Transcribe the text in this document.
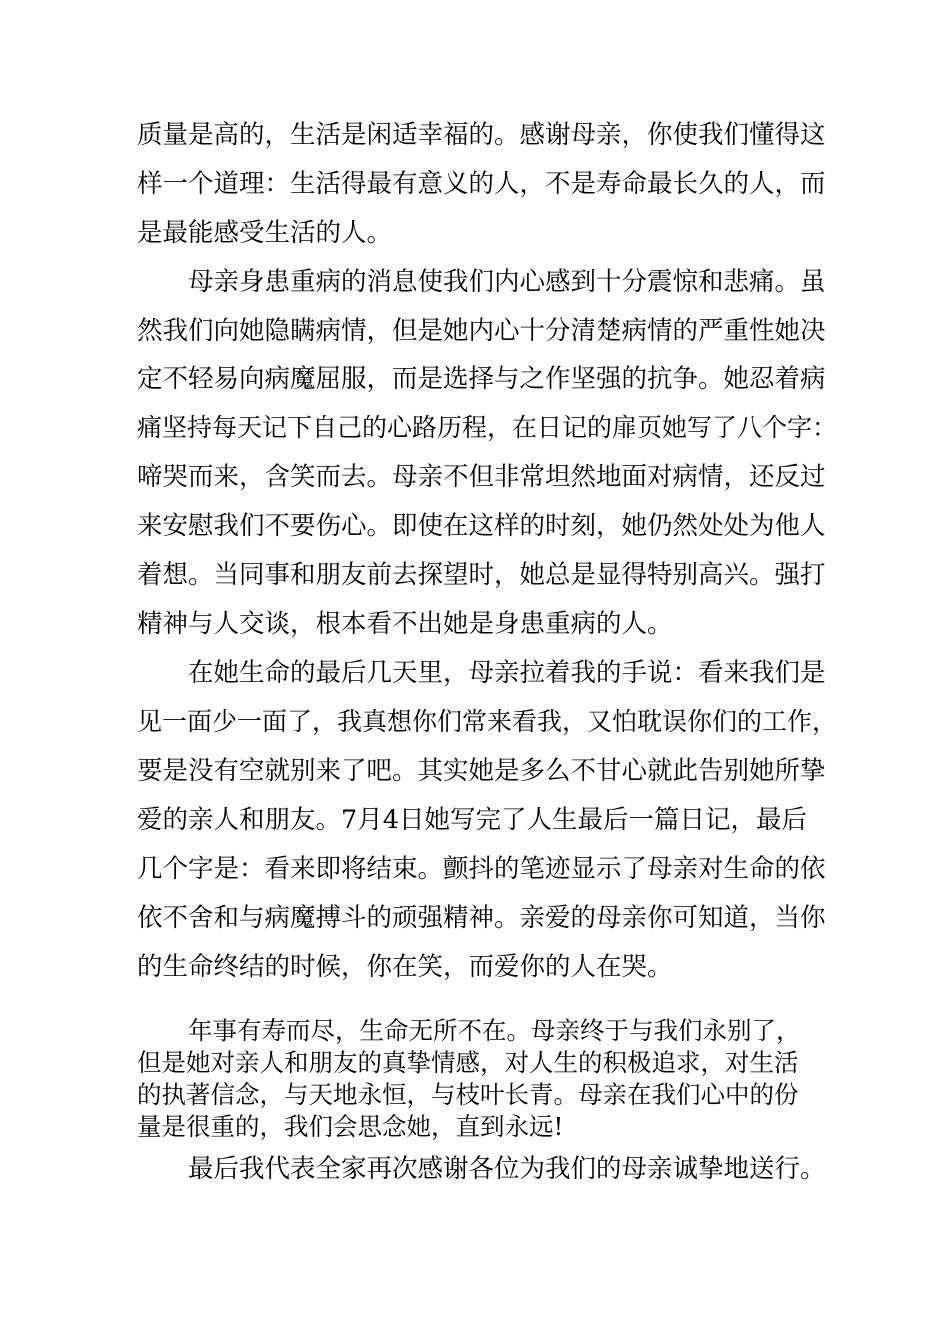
质量是高的，生活是闲适幸福的。感谢母亲，你使我们懂得这

样一个道理：生活得最有意义的人，不是寿命最长久的人，而

是最能感受生活的人。

母亲身患重病的消息使我们内心感到十分震惊和悲痛。虽

然我们向她隐瞒病情，但是她内心十分清楚病情的严重性她决

定不轻易向病魔屈服，而是选择与之作坚强的抗争。她忍着病

痛坚持每天记下自己的心路历程，在日记的扉页她写了八个字：

啼哭而来，含笑而去。母亲不但非常坦然地面对病情，还反过

来安慰我们不要伤心。即使在这样的时刻，她仍然处处为他人

着想。当同事和朋友前去探望时，她总是显得特别高兴。强打

精神与人交谈，根本看不出她是身患重病的人。

在她生命的最后几天里，母亲拉着我的手说：看来我们是

见一面少一面了，我真想你们常来看我，又怕耽误你们的工作，

要是没有空就别来了吧。其实她是多么不甘心就此告别她所挚

爱的亲人和朋友。7月4日她写完了人生最后一篇日记，最后

几个字是：看来即将结束。颤抖的笔迹显示了母亲对生命的依

依不舍和与病魔搏斗的顽强精神。亲爱的母亲你可知道，当你

的生命终结的时候，你在笑，而爱你的人在哭。

年事有寿而尽，生命无所不在。母亲终于与我们永别了，

但是她对亲人和朋友的真挚情感，对人生的积极追求，对生活

的执著信念，与天地永恒，与枝叶长青。母亲在我们心中的份

量是很重的，我们会思念她，直到永远!

最后我代表全家再次感谢各位为我们的母亲诚挚地送行。
